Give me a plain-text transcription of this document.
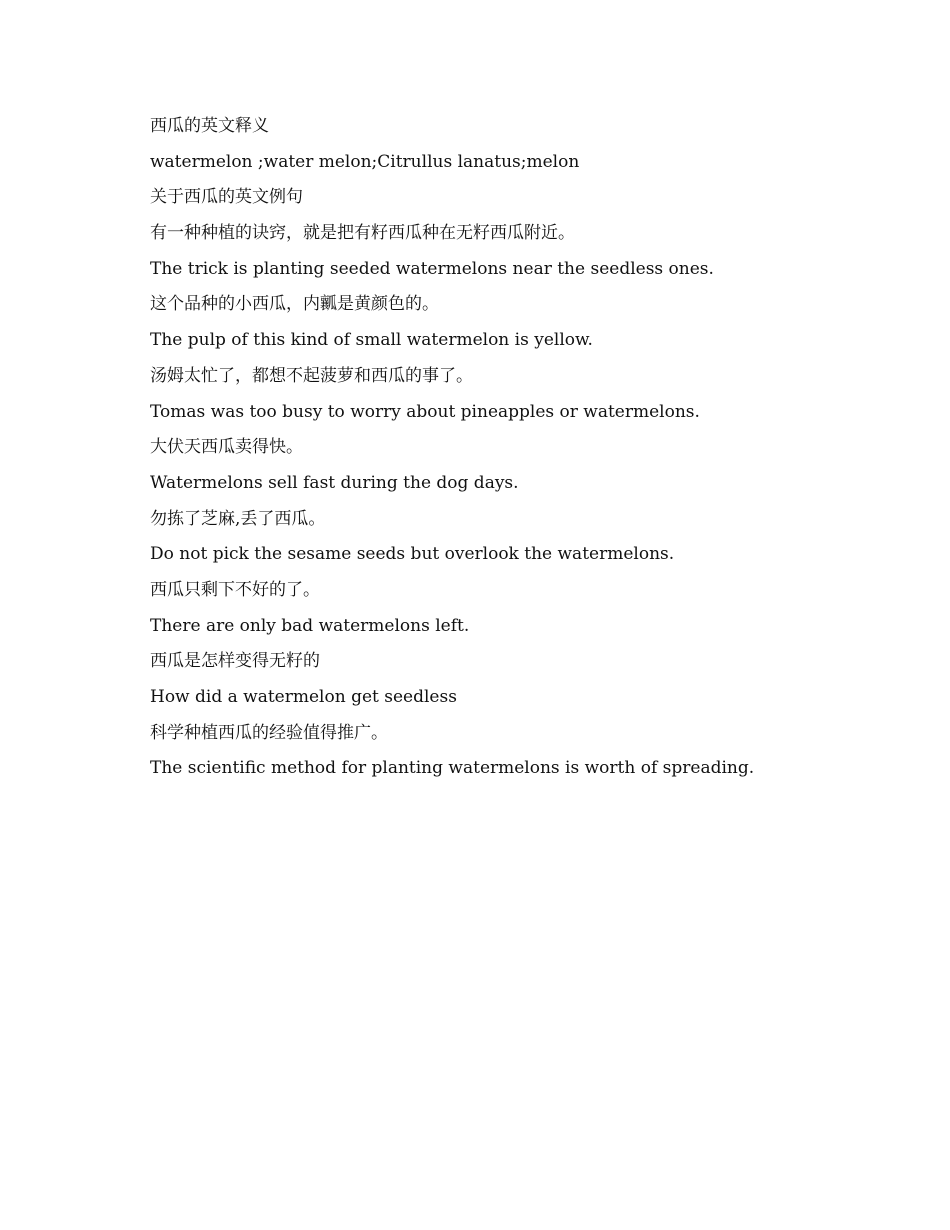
西瓜的英文释义
watermelon ;water melon;Citrullus lanatus;melon
关于西瓜的英文例句
有一种种植的诀窍，就是把有籽西瓜种在无籽西瓜附近。
The trick is planting seeded watermelons near the seedless ones.
这个品种的小西瓜，内瓤是黄颜色的。
The pulp of this kind of small watermelon is yellow.
汤姆太忙了，都想不起菠萝和西瓜的事了。
Tomas was too busy to worry about pineapples or watermelons.
大伏天西瓜卖得快。
Watermelons sell fast during the dog days.
勿拣了芝麻,丢了西瓜。
Do not pick the sesame seeds but overlook the watermelons.
西瓜只剩下不好的了。
There are only bad watermelons left.
西瓜是怎样变得无籽的
How did a watermelon get seedless
科学种植西瓜的经验值得推广。
The scientific method for planting watermelons is worth of spreading.
